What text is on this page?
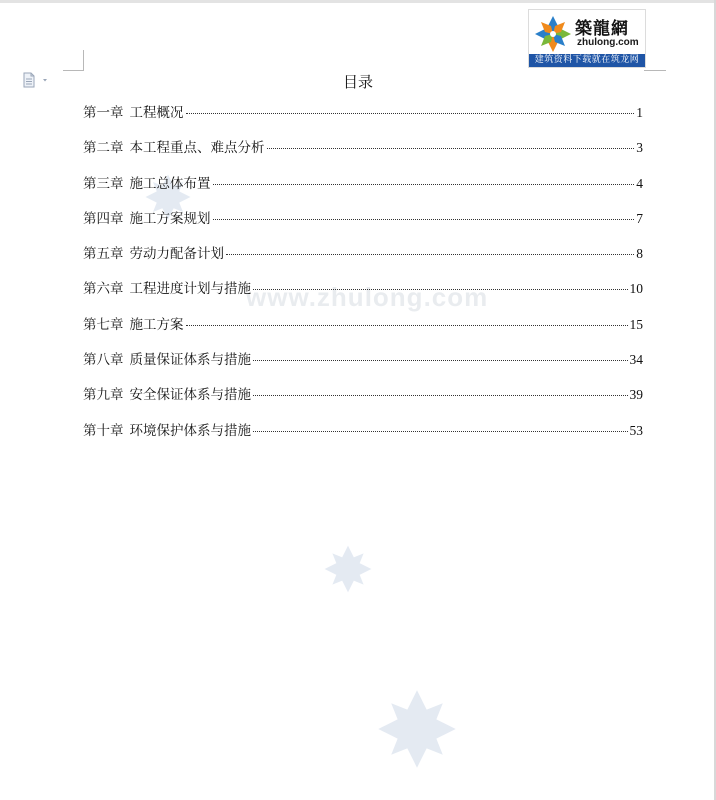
築龍網
zhulong.com
建筑资料下载就在筑龙网
www.zhulong.com
目录
第一章 工程概况	1
第二章 本工程重点、难点分析	3
第三章 施工总体布置	4
第四章 施工方案规划	7
第五章 劳动力配备计划	8
第六章 工程进度计划与措施	10
第七章 施工方案	15
第八章 质量保证体系与措施	34
第九章 安全保证体系与措施	39
第十章 环境保护体系与措施	53
